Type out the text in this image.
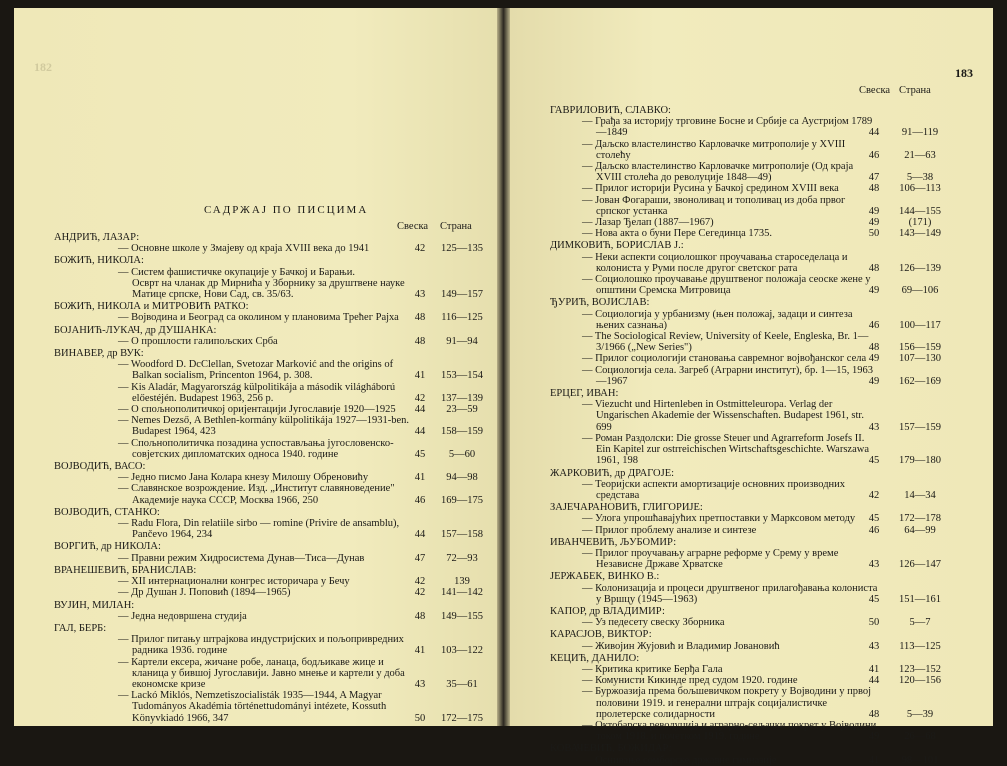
182
САДРЖАЈ ПО ПИСЦИМА
Свеска Страна
АНДРИЋ, ЛАЗАР:
— Основне школе у Змајеву од краја XVIII века до 1941	42	125—135
БОЖИЋ, НИКОЛА:
— Систем фашистичке окупације у Бачкој и Барањи.
Осврт на чланак др Мирнића у Зборнику за друштвене науке Матице српске, Нови Сад, св. 35/63.	43	149—157
БОЖИЋ, НИКОЛА и МИТРОВИЋ РАТКО:
— Војводина и Београд са околином у плановима Трећег Рајха	48	116—125
БОЈАНИЋ-ЛУКАЧ, др ДУШАНКА:
— О прошлости галипољских Срба	48	91—94
ВИНАВЕР, др ВУК:
— Woodford D. DcClellan, Svetozar Marković and the origins of Balkan socialism, Princenton 1964, p. 308.	41	153—154
— Kis Aladár, Magyarország külpolitikája a második világháború előestéjén. Budapest 1963, 256 p.	42	137—139
— О спољнополитичкој оријентацији Југославије 1920—1925	44	23—59
— Nemes Dezső, A Bethlen-kormány külpolitikája 1927—1931-ben. Budapest 1964, 423	44	158—159
— Спољнополитичка позадина успостављања југословенско-совјетских дипломатских односа 1940. године	45	5—60
ВОЈВОДИЋ, ВАСО:
— Једно писмо Јана Колара кнезу Милошу Обреновићу	41	94—98
— Славянское возрождение. Изд. „Институт славяноведение" Академије наука СССР, Москва 1966, 250	46	169—175
ВОЈВОДИЋ, СТАНКО:
— Radu Flora, Din relatiile sirbo — romine (Privire de ansamblu), Pančevo 1964, 234	44	157—158
ВОРГИЋ, др НИКОЛА:
— Правни режим Хидросистема Дунав—Тиса—Дунав	47	72—93
ВРАНЕШЕВИЋ, БРАНИСЛАВ:
— XII интернационални конгрес историчара у Бечу	42	139
— Др Душан Ј. Поповић (1894—1965)	42	141—142
ВУЈИН, МИЛАН:
— Једна недовршена студија	48	149—155
ГАЛ, БЕРБ:
— Прилог питању штрајкова индустријских и пољопривредних радника 1936. године	41	103—122
— Картели ексера, жичане робе, ланаца, бодљикаве жице и кланица у бившој Југославији. Јавно мнење и картели у доба економске кризе	43	35—61
— Lackó Miklós, Nemzetiszocialisták 1935—1944, A Magyar Tudományos Akadémia történettudományi intézete, Kossuth Könyvkiadó 1966, 347	50	172—175
183
Свеска Страна
ГАВРИЛОВИЋ, СЛАВКО:
— Грађа за историју трговине Босне и Србије са Аустријом 1789—1849	44	91—119
— Даљско властелинство Карловачке митрополије у XVIII столећу	46	21—63
— Даљско властелинство Карловачке митрополије (Од краја XVIII столећа до револуције 1848—49)	47	5—38
— Прилог историји Русина у Бачкој средином XVIII века	48	106—113
— Јован Фогараши, звоноливац и тополивац из доба првог српског устанка	49	144—155
— Лазар Ђелап (1887—1967)	49	(171)
— Нова акта о буни Пере Сегединца 1735.	50	143—149
ДИМКОВИЋ, БОРИСЛАВ Ј.:
— Неки аспекти социолошког проучавања староседелаца и колониста у Руми после другог светског рата	48	126—139
— Социолошко проучавање друштвеног положаја сеоске жене у општини Сремска Митровица	49	69—106
ЂУРИЋ, ВОЈИСЛАВ:
— Социологија у урбанизму (њен положај, задаци и синтеза њених сазнања)	46	100—117
— The Sociological Review, University of Keele, Engleska, Br. 1—3/1966 („New Series")	48	156—159
— Прилог социологији становања савремног војвођанског села 49	107—130
— Социологија села. Загреб (Аграрни институт), бр. 1—15, 1963—1967	49	162—169
ЕРЦЕГ, ИВАН:
— Viezucht und Hirtenleben in Ostmitteleuropa. Verlag der Ungarischen Akademie der Wissenschaften. Budapest 1961, str. 699	43	157—159
— Роман Раздолски: Die grosse Steuer und Agrarreform Josefs II. Ein Kapitel zur ostrreichischen Wirtschaftsgeschichte. Warszawa 1961, 198	45	179—180
ЖАРКОВИЋ, др ДРАГОЈЕ:
— Теоријски аспекти амортизације основних производних средстава	42	14—34
ЗАЈЕЧАРАНОВИЋ, ГЛИГОРИЈЕ:
— Улога упрошћавајућих претпоставки у Марксовом методу	45	172—178
— Прилог проблему анализе и синтезе	46	64—99
ИВАНЧЕВИЋ, ЉУБОМИР:
— Прилог проучавању аграрне реформе у Срему у време Независне Државе Хрватске	43	126—147
ЈЕРЖАБЕК, ВИНКО В.:
— Колонизација и процеси друштвеног прилагођавања колониста у Вршцу (1945—1963)	45	151—161
КАПОР, др ВЛАДИМИР:
— Уз педесету свеску Зборника	50	5—7
КАРАСЈОВ, ВИКТОР:
— Живојин Жујовић и Владимир Јовановић	43	113—125
КЕЦИЋ, ДАНИЛО:
— Критика критике Берђа Гала	41	123—152
— Комунисти Кикинде пред судом 1920. године	44	120—156
— Буржоазија према бољшевичком покрету у Војводини у првој половини 1919. и генерални штрајк социјалистичке пролетерске солидарности	48	5—39
— Октобарска револуција и аграрно-сељачки покрет у Војводини током 1918. и почетком 1919. године	49	26—68
КОВАЧЕВИЋ, БОЖИДАР:
— Оснивање сомборске државне гимназије	41	98—101
